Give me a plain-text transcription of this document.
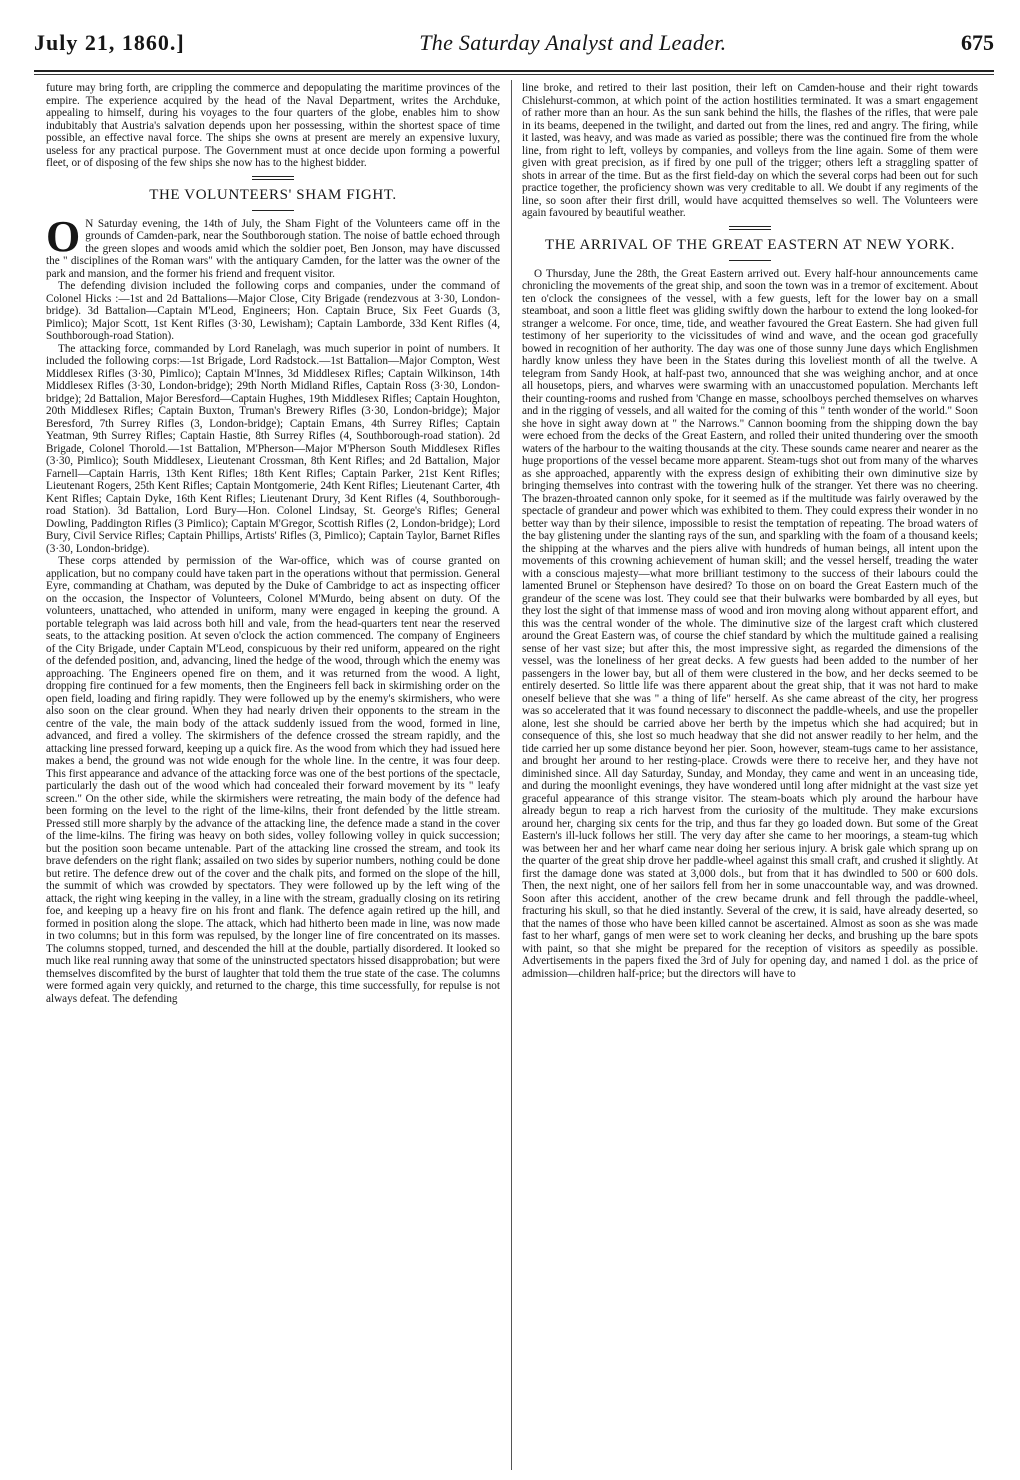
July 21, 1860.]	The Saturday Analyst and Leader.	675

future may bring forth, are crippling the commerce and depopulating the maritime provinces of the empire. The experience acquired by the head of the Naval Department, writes the Archduke, appealing to himself, during his voyages to the four quarters of the globe, enables him to show indubitably that Austria's salvation depends upon her possessing, within the shortest space of time possible, an effective naval force. The ships she owns at present are merely an expensive luxury, useless for any practical purpose. The Government must at once decide upon forming a powerful fleet, or of disposing of the few ships she now has to the highest bidder.

THE VOLUNTEERS' SHAM FIGHT.

O N Saturday evening, the 14th of July, the Sham Fight of the Volunteers came off in the grounds of Camden-park, near the Southborough station. The noise of battle echoed through the green slopes and woods amid which the soldier poet, Ben Jonson, may have discussed the " disciplines of the Roman wars" with the antiquary Camden, for the latter was the owner of the park and mansion, and the former his friend and frequent visitor.

The defending division included the following corps and companies, under the command of Colonel Hicks :—1st and 2d Battalions—Major Close, City Brigade (rendezvous at 3·30, London-bridge). 3d Battalion—Captain M'Leod, Engineers; Hon. Captain Bruce, Six Feet Guards (3, Pimlico); Major Scott, 1st Kent Rifles (3·30, Lewisham); Captain Lamborde, 33d Kent Rifles (4, Southborough-road Station).

The attacking force, commanded by Lord Ranelagh, was much superior in point of numbers. It included the following corps:—1st Brigade, Lord Radstock.—1st Battalion—Major Compton, West Middlesex Rifles (3·30, Pimlico); Captain M'Innes, 3d Middlesex Rifles; Captain Wilkinson, 14th Middlesex Rifles (3·30, London-bridge); 29th North Midland Rifles, Captain Ross (3·30, London-bridge); 2d Battalion, Major Beresford—Captain Hughes, 19th Middlesex Rifles; Captain Houghton, 20th Middlesex Rifles; Captain Buxton, Truman's Brewery Rifles (3·30, London-bridge); Major Beresford, 7th Surrey Rifles (3, London-bridge); Captain Emans, 4th Surrey Rifles; Captain Yeatman, 9th Surrey Rifles; Captain Hastie, 8th Surrey Rifles (4, Southborough-road station). 2d Brigade, Colonel Thorold.—1st Battalion, M'Pherson—Major M'Pherson South Middlesex Rifles (3·30, Pimlico); South Middlesex, Lieutenant Crossman, 8th Kent Rifles; and 2d Battalion, Major Farnell—Captain Harris, 13th Kent Rifles; 18th Kent Rifles; Captain Parker, 21st Kent Rifles; Lieutenant Rogers, 25th Kent Rifles; Captain Montgomerie, 24th Kent Rifles; Lieutenant Carter, 4th Kent Rifles; Captain Dyke, 16th Kent Rifles; Lieutenant Drury, 3d Kent Rifles (4, Southborough-road Station). 3d Battalion, Lord Bury—Hon. Colonel Lindsay, St. George's Rifles; General Dowling, Paddington Rifles (3 Pimlico); Captain M'Gregor, Scottish Rifles (2, London-bridge); Lord Bury, Civil Service Rifles; Captain Phillips, Artists' Rifles (3, Pimlico); Captain Taylor, Barnet Rifles (3·30, London-bridge).

These corps attended by permission of the War-office, which was of course granted on application, but no company could have taken part in the operations without that permission. General Eyre, commanding at Chatham, was deputed by the Duke of Cambridge to act as inspecting officer on the occasion, the Inspector of Volunteers, Colonel M'Murdo, being absent on duty. Of the volunteers, unattached, who attended in uniform, many were engaged in keeping the ground. A portable telegraph was laid across both hill and vale, from the head-quarters tent near the reserved seats, to the attacking position. At seven o'clock the action commenced. The company of Engineers of the City Brigade, under Captain M'Leod, conspicuous by their red uniform, appeared on the right of the defended position, and, advancing, lined the hedge of the wood, through which the enemy was approaching. The Engineers opened fire on them, and it was returned from the wood. A light, dropping fire continued for a few moments, then the Engineers fell back in skirmishing order on the open field, loading and firing rapidly. They were followed up by the enemy's skirmishers, who were also soon on the clear ground. When they had nearly driven their opponents to the stream in the centre of the vale, the main body of the attack suddenly issued from the wood, formed in line, advanced, and fired a volley. The skirmishers of the defence crossed the stream rapidly, and the attacking line pressed forward, keeping up a quick fire. As the wood from which they had issued here makes a bend, the ground was not wide enough for the whole line. In the centre, it was four deep. This first appearance and advance of the attacking force was one of the best portions of the spectacle, particularly the dash out of the wood which had concealed their forward movement by its " leafy screen." On the other side, while the skirmishers were retreating, the main body of the defence had been forming on the level to the right of the lime-kilns, their front defended by the little stream. Pressed still more sharply by the advance of the attacking line, the defence made a stand in the cover of the lime-kilns. The firing was heavy on both sides, volley following volley in quick succession; but the position soon became untenable. Part of the attacking line crossed the stream, and took its brave defenders on the right flank; assailed on two sides by superior numbers, nothing could be done but retire. The defence drew out of the cover and the chalk pits, and formed on the slope of the hill, the summit of which was crowded by spectators. They were followed up by the left wing of the attack, the right wing keeping in the valley, in a line with the stream, gradually closing on its retiring foe, and keeping up a heavy fire on his front and flank. The defence again retired up the hill, and formed in position along the slope. The attack, which had hitherto been made in line, was now made in two columns; but in this form was repulsed, by the longer line of fire concentrated on its masses. The columns stopped, turned, and descended the hill at the double, partially disordered. It looked so much like real running away that some of the uninstructed spectators hissed disapprobation; but were themselves discomfited by the burst of laughter that told them the true state of the case. The columns were formed again very quickly, and returned to the charge, this time successfully, for repulse is not always defeat. The defending

line broke, and retired to their last position, their left on Camden-house and their right towards Chislehurst-common, at which point of the action hostilities terminated. It was a smart engagement of rather more than an hour. As the sun sank behind the hills, the flashes of the rifles, that were pale in its beams, deepened in the twilight, and darted out from the lines, red and angry. The firing, while it lasted, was heavy, and was made as varied as possible; there was the continued fire from the whole line, from right to left, volleys by companies, and volleys from the line again. Some of them were given with great precision, as if fired by one pull of the trigger; others left a straggling spatter of shots in arrear of the time. But as the first field-day on which the several corps had been out for such practice together, the proficiency shown was very creditable to all. We doubt if any regiments of the line, so soon after their first drill, would have acquitted themselves so well. The Volunteers were again favoured by beautiful weather.

THE ARRIVAL OF THE GREAT EASTERN AT NEW YORK.

O Thursday, June the 28th, the Great Eastern arrived out. Every half-hour announcements came chronicling the movements of the great ship, and soon the town was in a tremor of excitement. About ten o'clock the consignees of the vessel, with a few guests, left for the lower bay on a small steamboat, and soon a little fleet was gliding swiftly down the harbour to extend the long looked-for stranger a welcome. For once, time, tide, and weather favoured the Great Eastern. She had given full testimony of her superiority to the vicissitudes of wind and wave, and the ocean god gracefully bowed in recognition of her authority. The day was one of those sunny June days which Englishmen hardly know unless they have been in the States during this loveliest month of all the twelve. A telegram from Sandy Hook, at half-past two, announced that she was weighing anchor, and at once all housetops, piers, and wharves were swarming with an unaccustomed population. Merchants left their counting-rooms and rushed from 'Change en masse, schoolboys perched themselves on wharves and in the rigging of vessels, and all waited for the coming of this " tenth wonder of the world." Soon she hove in sight away down at " the Narrows." Cannon booming from the shipping down the bay were echoed from the decks of the Great Eastern, and rolled their united thundering over the smooth waters of the harbour to the waiting thousands at the city. These sounds came nearer and nearer as the huge proportions of the vessel became more apparent. Steam-tugs shot out from many of the wharves as she approached, apparently with the express design of exhibiting their own diminutive size by bringing themselves into contrast with the towering hulk of the stranger. Yet there was no cheering. The brazen-throated cannon only spoke, for it seemed as if the multitude was fairly overawed by the spectacle of grandeur and power which was exhibited to them. They could express their wonder in no better way than by their silence, impossible to resist the temptation of repeating. The broad waters of the bay glistening under the slanting rays of the sun, and sparkling with the foam of a thousand keels; the shipping at the wharves and the piers alive with hundreds of human beings, all intent upon the movements of this crowning achievement of human skill; and the vessel herself, treading the water with a conscious majesty—what more brilliant testimony to the success of their labours could the lamented Brunel or Stephenson have desired? To those on on board the Great Eastern much of the grandeur of the scene was lost. They could see that their bulwarks were bombarded by all eyes, but they lost the sight of that immense mass of wood and iron moving along without apparent effort, and this was the central wonder of the whole. The diminutive size of the largest craft which clustered around the Great Eastern was, of course the chief standard by which the multitude gained a realising sense of her vast size; but after this, the most impressive sight, as regarded the dimensions of the vessel, was the loneliness of her great decks. A few guests had been added to the number of her passengers in the lower bay, but all of them were clustered in the bow, and her decks seemed to be entirely deserted. So little life was there apparent about the great ship, that it was not hard to make oneself believe that she was " a thing of life" herself. As she came abreast of the city, her progress was so accelerated that it was found necessary to disconnect the paddle-wheels, and use the propeller alone, lest she should be carried above her berth by the impetus which she had acquired; but in consequence of this, she lost so much headway that she did not answer readily to her helm, and the tide carried her up some distance beyond her pier. Soon, however, steam-tugs came to her assistance, and brought her around to her resting-place. Crowds were there to receive her, and they have not diminished since. All day Saturday, Sunday, and Monday, they came and went in an unceasing tide, and during the moonlight evenings, they have wondered until long after midnight at the vast size yet graceful appearance of this strange visitor. The steam-boats which ply around the harbour have already begun to reap a rich harvest from the curiosity of the multitude. They make excursions around her, charging six cents for the trip, and thus far they go loaded down. But some of the Great Eastern's ill-luck follows her still. The very day after she came to her moorings, a steam-tug which was between her and her wharf came near doing her serious injury. A brisk gale which sprang up on the quarter of the great ship drove her paddle-wheel against this small craft, and crushed it slightly. At first the damage done was stated at 3,000 dols., but from that it has dwindled to 500 or 600 dols. Then, the next night, one of her sailors fell from her in some unaccountable way, and was drowned. Soon after this accident, another of the crew became drunk and fell through the paddle-wheel, fracturing his skull, so that he died instantly. Several of the crew, it is said, have already deserted, so that the names of those who have been killed cannot be ascertained. Almost as soon as she was made fast to her wharf, gangs of men were set to work cleaning her decks, and brushing up the bare spots with paint, so that she might be prepared for the reception of visitors as speedily as possible. Advertisements in the papers fixed the 3rd of July for opening day, and named 1 dol. as the price of admission—children half-price; but the directors will have to
